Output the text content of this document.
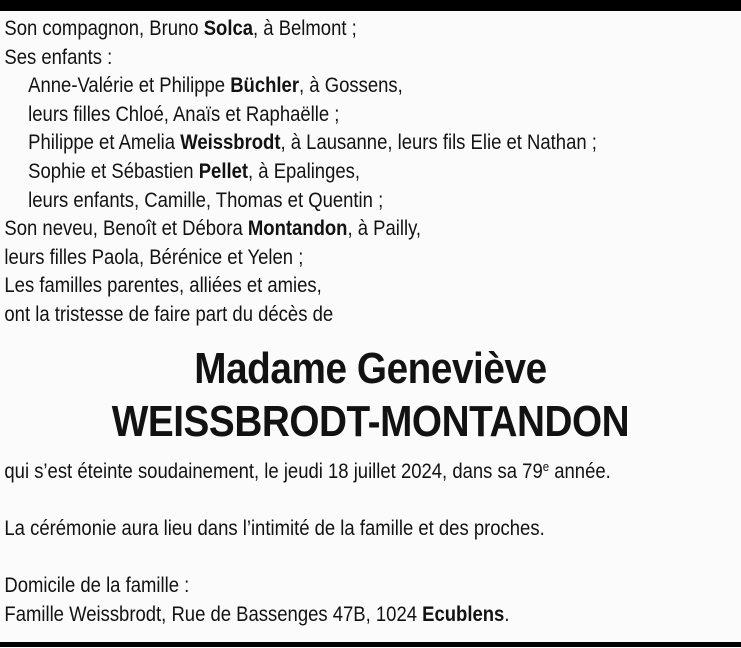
Son compagnon, Bruno Solca, à Belmont ;

Ses enfants :

Anne-Valérie et Philippe Büchler, à Gossens,

leurs filles Chloé, Anaïs et Raphaëlle ;

Philippe et Amelia Weissbrodt, à Lausanne, leurs fils Elie et Nathan ;

Sophie et Sébastien Pellet, à Epalinges,

leurs enfants, Camille, Thomas et Quentin ;

Son neveu, Benoît et Débora Montandon, à Pailly,

leurs filles Paola, Bérénice et Yelen ;

Les familles parentes, alliées et amies,

ont la tristesse de faire part du décès de

Madame Geneviève

WEISSBRODT-MONTANDON

qui s’est éteinte soudainement, le jeudi 18 juillet 2024, dans sa 79e année.

La cérémonie aura lieu dans l’intimité de la famille et des proches.

Domicile de la famille :

Famille Weissbrodt, Rue de Bassenges 47B, 1024 Ecublens.
